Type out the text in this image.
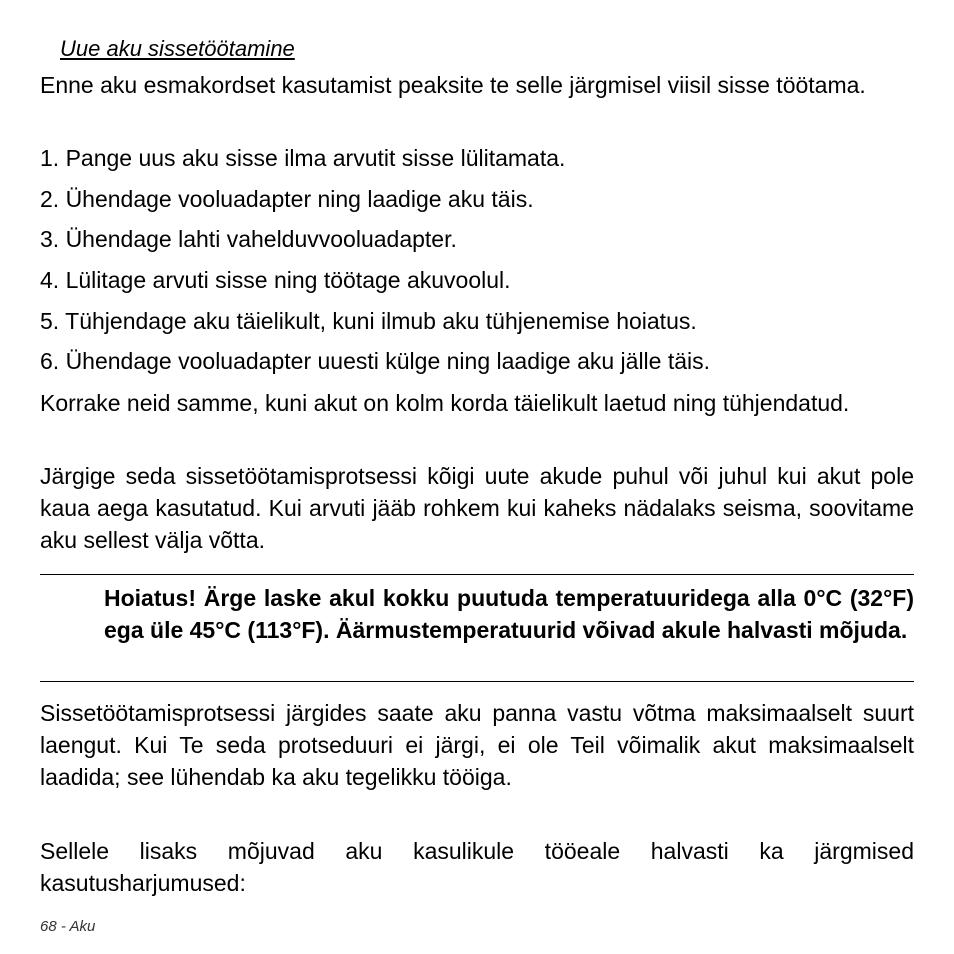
Uue aku sissetöötamine

Enne aku esmakordset kasutamist peaksite te selle järgmisel viisil sisse töötama.

1. Pange uus aku sisse ilma arvutit sisse lülitamata.

2. Ühendage vooluadapter ning laadige aku täis.

3. Ühendage lahti vahelduvvooluadapter.

4. Lülitage arvuti sisse ning töötage akuvoolul.

5. Tühjendage aku täielikult, kuni ilmub aku tühjenemise hoiatus.

6. Ühendage vooluadapter uuesti külge ning laadige aku jälle täis.

Korrake neid samme, kuni akut on kolm korda täielikult laetud ning tühjendatud.

Järgige seda sissetöötamisprotsessi kõigi uute akude puhul või juhul kui akut pole kaua aega kasutatud. Kui arvuti jääb rohkem kui kaheks nädalaks seisma, soovitame aku sellest välja võtta.

Hoiatus! Ärge laske akul kokku puutuda temperatuuridega alla 0°C (32°F) ega üle 45°C (113°F). Äärmustemperatuurid võivad akule halvasti mõjuda.

Sissetöötamisprotsessi järgides saate aku panna vastu võtma maksimaalselt suurt laengut. Kui Te seda protseduuri ei järgi, ei ole Teil võimalik akut maksimaalselt laadida; see lühendab ka aku tegelikku tööiga.

Sellele lisaks mõjuvad aku kasulikule tööeale halvasti ka järgmised kasutusharjumused:

68 - Aku
